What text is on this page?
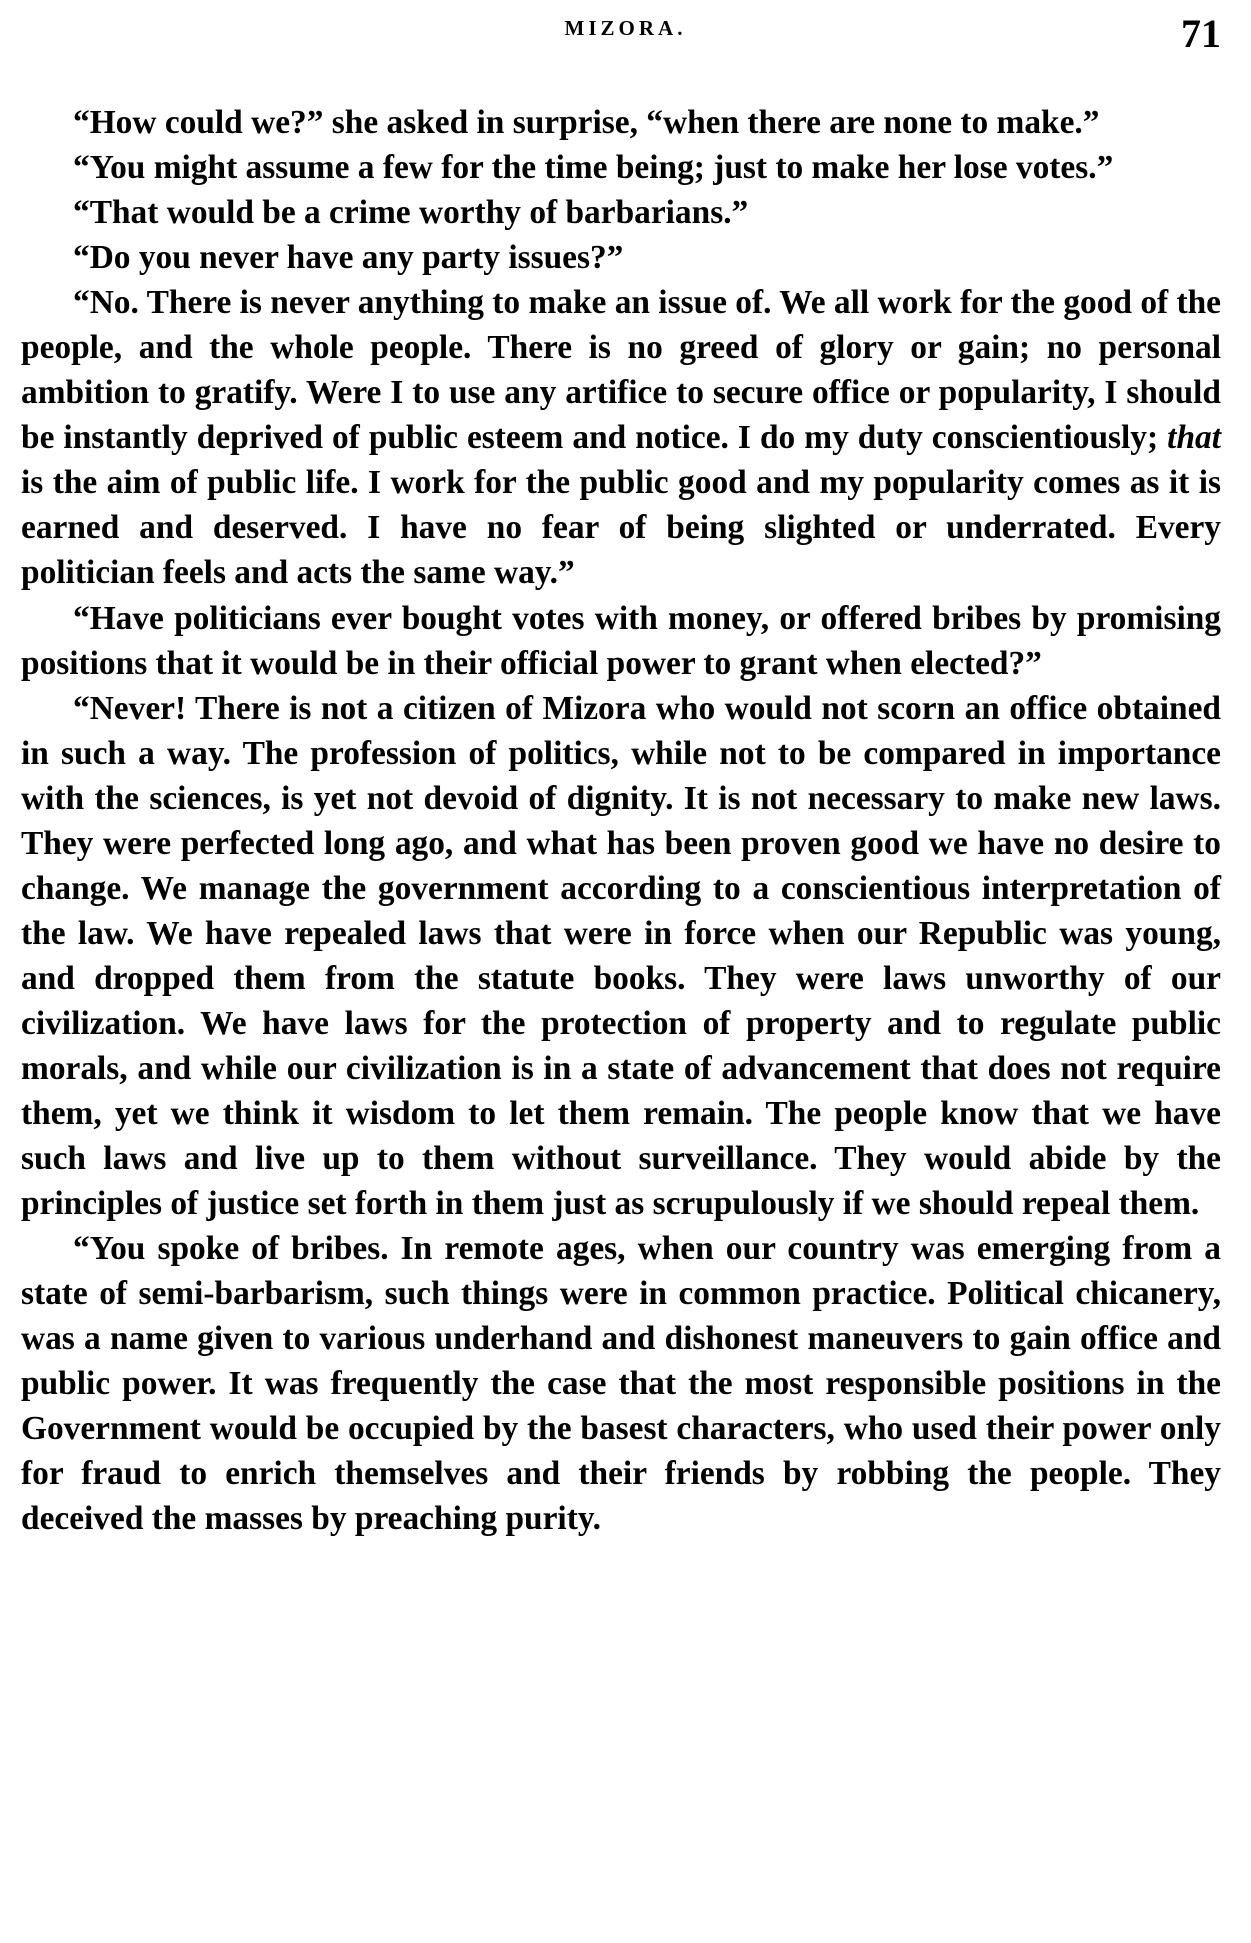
MIZORA.	71

“How could we?” she asked in surprise, “when there are none to make.”

“You might assume a few for the time being; just to make her lose votes.”

“That would be a crime worthy of barbarians.”

“Do you never have any party issues?”

“No. There is never anything to make an issue of. We all work for the good of the people, and the whole people. There is no greed of glory or gain; no personal ambition to gratify. Were I to use any artifice to secure office or popularity, I should be instantly deprived of public esteem and notice. I do my duty conscientiously; that is the aim of public life. I work for the public good and my popularity comes as it is earned and deserved. I have no fear of being slighted or underrated. Every politician feels and acts the same way.”

“Have politicians ever bought votes with money, or offered bribes by promising positions that it would be in their official power to grant when elected?”

“Never! There is not a citizen of Mizora who would not scorn an office obtained in such a way. The profession of politics, while not to be compared in importance with the sciences, is yet not devoid of dignity. It is not necessary to make new laws. They were perfected long ago, and what has been proven good we have no desire to change. We manage the government according to a conscientious interpretation of the law. We have repealed laws that were in force when our Republic was young, and dropped them from the statute books. They were laws unworthy of our civilization. We have laws for the protection of property and to regulate public morals, and while our civilization is in a state of advancement that does not require them, yet we think it wisdom to let them remain. The people know that we have such laws and live up to them without surveillance. They would abide by the principles of justice set forth in them just as scrupulously if we should repeal them.

“You spoke of bribes. In remote ages, when our country was emerging from a state of semi-barbarism, such things were in common practice. Political chicanery, was a name given to various underhand and dishonest maneuvers to gain office and public power. It was frequently the case that the most responsible positions in the Government would be occupied by the basest characters, who used their power only for fraud to enrich themselves and their friends by robbing the people. They deceived the masses by preaching purity.
